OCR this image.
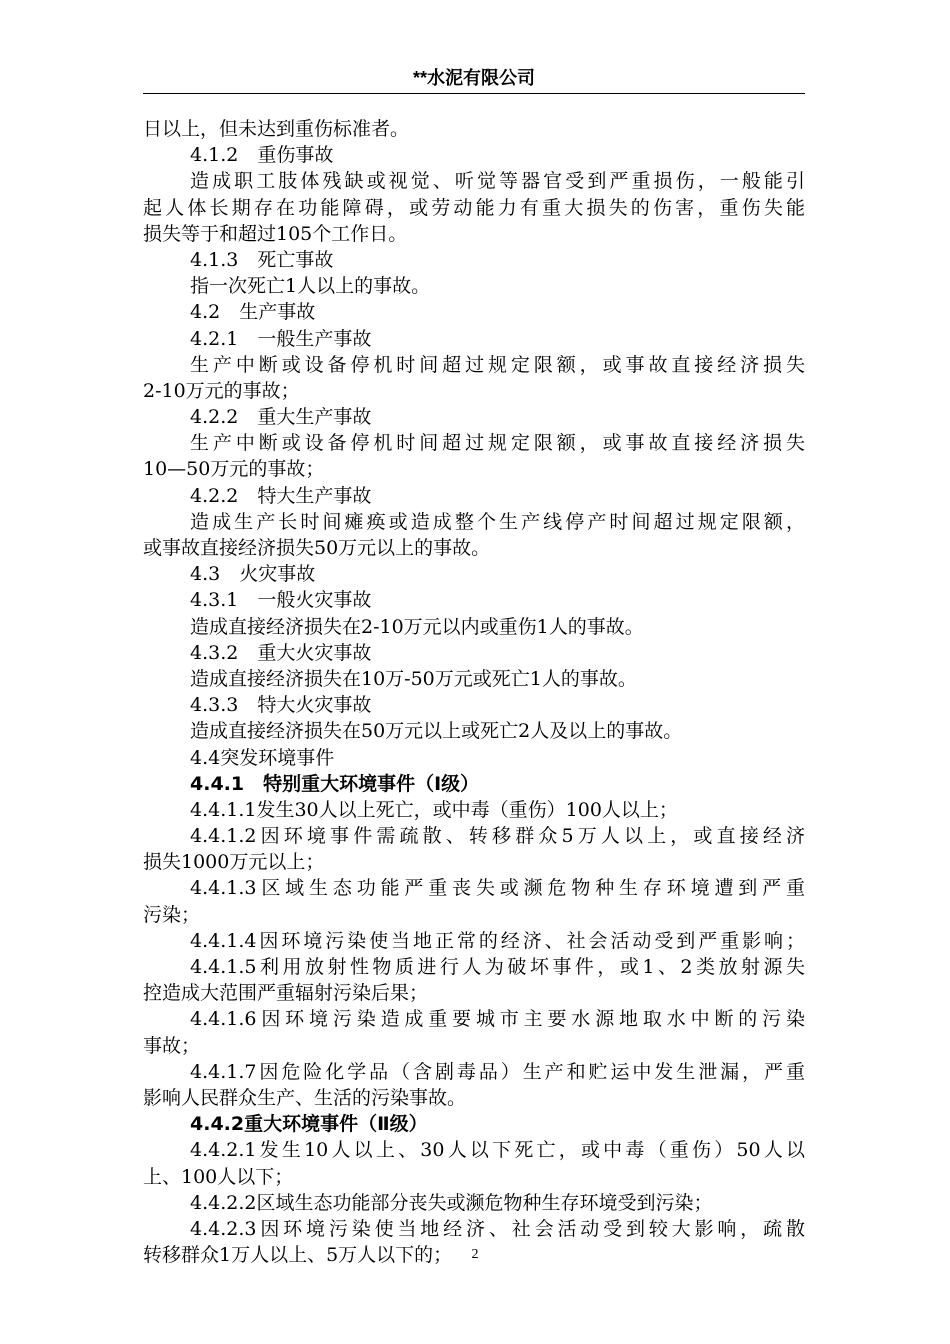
**水泥有限公司
日以上，但未达到重伤标准者。
4.1.2　重伤事故
造成职工肢体残缺或视觉、听觉等器官受到严重损伤，一般能引
起人体长期存在功能障碍，或劳动能力有重大损失的伤害，重伤失能
损失等于和超过105个工作日。
4.1.3　死亡事故
指一次死亡1人以上的事故。
4.2　生产事故
4.2.1　一般生产事故
生产中断或设备停机时间超过规定限额，或事故直接经济损失
2-10万元的事故；
4.2.2　重大生产事故
生产中断或设备停机时间超过规定限额，或事故直接经济损失
10—50万元的事故；
4.2.2　特大生产事故
造成生产长时间瘫痪或造成整个生产线停产时间超过规定限额，
或事故直接经济损失50万元以上的事故。
4.3　火灾事故
4.3.1　一般火灾事故
造成直接经济损失在2-10万元以内或重伤1人的事故。
4.3.2　重大火灾事故
造成直接经济损失在10万-50万元或死亡1人的事故。
4.3.3　特大火灾事故
造成直接经济损失在50万元以上或死亡2人及以上的事故。
4.4突发环境事件
4.4.1　特别重大环境事件（Ⅰ级）
4.4.1.1发生30人以上死亡，或中毒（重伤）100人以上；
4.4.1.2因环境事件需疏散、转移群众5万人以上，或直接经济
损失1000万元以上；
4.4.1.3区域生态功能严重丧失或濒危物种生存环境遭到严重
污染；
4.4.1.4因环境污染使当地正常的经济、社会活动受到严重影响；
4.4.1.5利用放射性物质进行人为破坏事件，或1、2类放射源失
控造成大范围严重辐射污染后果；
4.4.1.6因环境污染造成重要城市主要水源地取水中断的污染
事故；
4.4.1.7因危险化学品（含剧毒品）生产和贮运中发生泄漏，严重
影响人民群众生产、生活的污染事故。
4.4.2重大环境事件（Ⅱ级）
4.4.2.1发生10人以上、30人以下死亡，或中毒（重伤）50人以
上、100人以下；
4.4.2.2区域生态功能部分丧失或濒危物种生存环境受到污染；
4.4.2.3因环境污染使当地经济、社会活动受到较大影响，疏散
转移群众1万人以上、5万人以下的；	2
